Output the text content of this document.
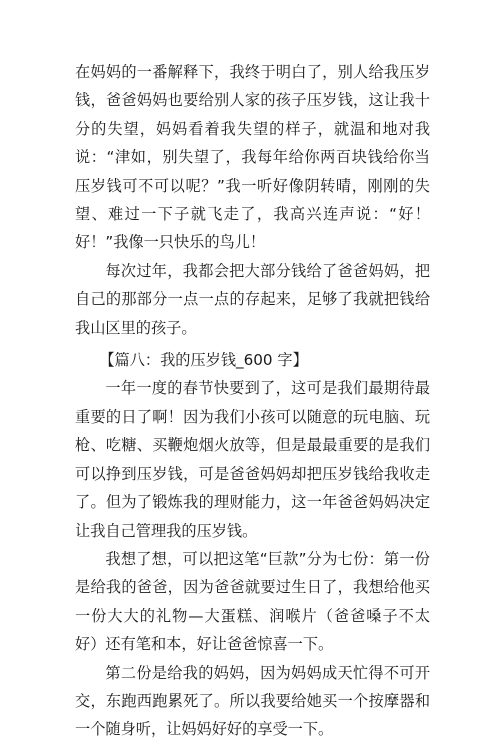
在妈妈的一番解释下，我终于明白了，别人给我压岁钱，爸爸妈妈也要给别人家的孩子压岁钱，这让我十分的失望，妈妈看着我失望的样子，就温和地对我说：“津如，别失望了，我每年给你两百块钱给你当压岁钱可不可以呢？”我一听好像阴转晴，刚刚的失望、难过一下子就飞走了，我高兴连声说：“好！好！”我像一只快乐的鸟儿！

每次过年，我都会把大部分钱给了爸爸妈妈，把自己的那部分一点一点的存起来，足够了我就把钱给我山区里的孩子。

【篇八：我的压岁钱_600 字】

一年一度的春节快要到了，这可是我们最期待最重要的日了啊！因为我们小孩可以随意的玩电脑、玩枪、吃糖、买鞭炮烟火放等，但是最最重要的是我们可以挣到压岁钱，可是爸爸妈妈却把压岁钱给我收走了。但为了锻炼我的理财能力，这一年爸爸妈妈决定让我自己管理我的压岁钱。

我想了想，可以把这笔“巨款”分为七份：第一份是给我的爸爸，因为爸爸就要过生日了，我想给他买一份大大的礼物—大蛋糕、润喉片（爸爸嗓子不太好）还有笔和本，好让爸爸惊喜一下。

第二份是给我的妈妈，因为妈妈成天忙得不可开交，东跑西跑累死了。所以我要给她买一个按摩器和一个随身听，让妈妈好好的享受一下。
